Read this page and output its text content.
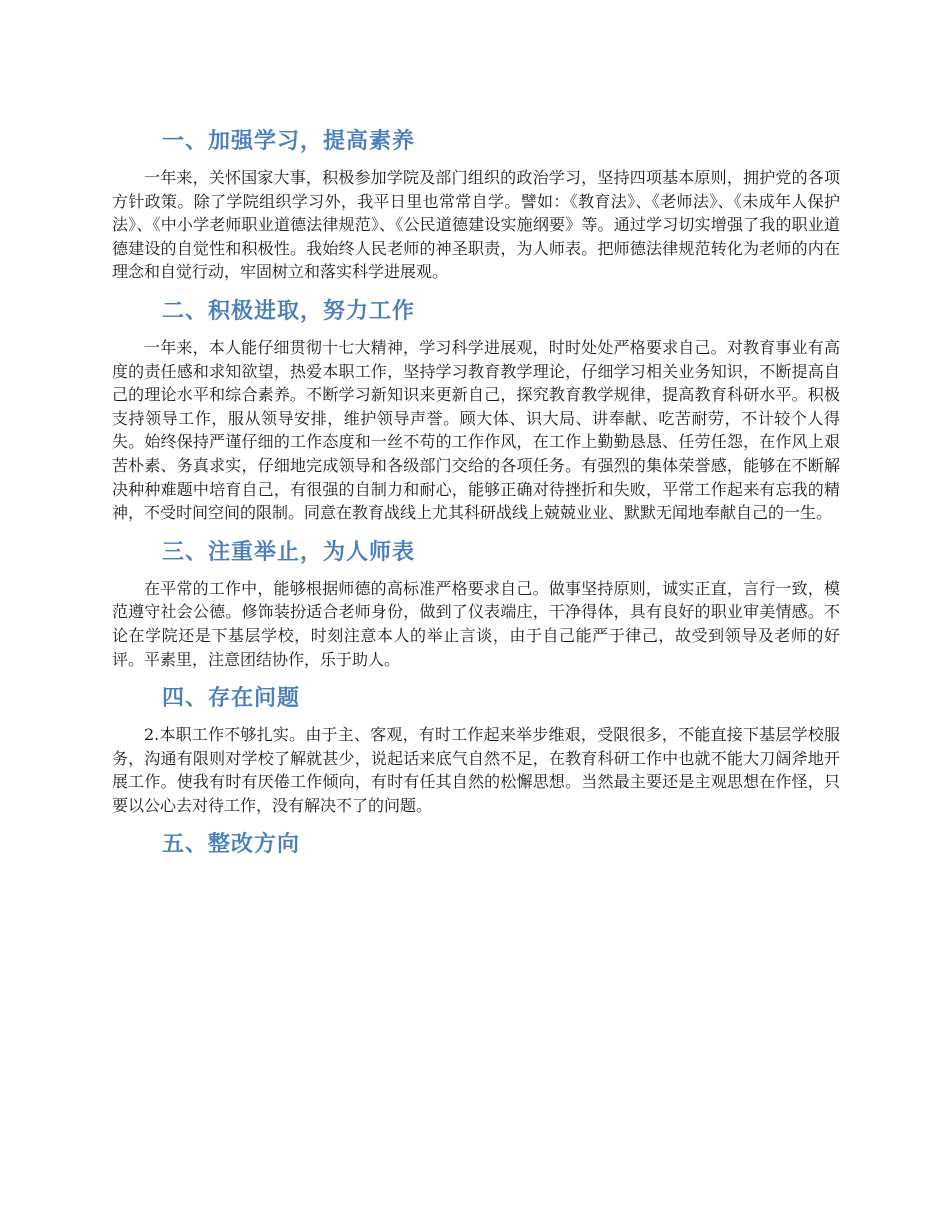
一、加强学习，提高素养

一年来，关怀国家大事，积极参加学院及部门组织的政治学习，坚持四项基本原则，拥护党的各项方针政策。除了学院组织学习外，我平日里也常常自学。譬如：《教育法》、《老师法》、《未成年人保护法》、《中小学老师职业道德法律规范》、《公民道德建设实施纲要》等。通过学习切实增强了我的职业道德建设的自觉性和积极性。我始终人民老师的神圣职责，为人师表。把师德法律规范转化为老师的内在理念和自觉行动，牢固树立和落实科学进展观。

二、积极进取，努力工作

一年来，本人能仔细贯彻十七大精神，学习科学进展观，时时处处严格要求自己。对教育事业有高度的责任感和求知欲望，热爱本职工作，坚持学习教育教学理论，仔细学习相关业务知识，不断提高自己的理论水平和综合素养。不断学习新知识来更新自己，探究教育教学规律，提高教育科研水平。积极支持领导工作，服从领导安排，维护领导声誉。顾大体、识大局、讲奉献、吃苦耐劳，不计较个人得失。始终保持严谨仔细的工作态度和一丝不苟的工作作风，在工作上勤勤恳恳、任劳任怨，在作风上艰苦朴素、务真求实，仔细地完成领导和各级部门交给的各项任务。有强烈的集体荣誉感，能够在不断解决种种难题中培育自己，有很强的自制力和耐心，能够正确对待挫折和失败，平常工作起来有忘我的精神，不受时间空间的限制。同意在教育战线上尤其科研战线上兢兢业业、默默无闻地奉献自己的一生。

三、注重举止，为人师表

在平常的工作中，能够根据师德的高标准严格要求自己。做事坚持原则，诚实正直，言行一致，模范遵守社会公德。修饰装扮适合老师身份，做到了仪表端庄，干净得体，具有良好的职业审美情感。不论在学院还是下基层学校，时刻注意本人的举止言谈，由于自己能严于律己，故受到领导及老师的好评。平素里，注意团结协作，乐于助人。

四、存在问题

2.本职工作不够扎实。由于主、客观，有时工作起来举步维艰，受限很多，不能直接下基层学校服务，沟通有限则对学校了解就甚少，说起话来底气自然不足，在教育科研工作中也就不能大刀阔斧地开展工作。使我有时有厌倦工作倾向，有时有任其自然的松懈思想。当然最主要还是主观思想在作怪，只要以公心去对待工作，没有解决不了的问题。

五、整改方向
